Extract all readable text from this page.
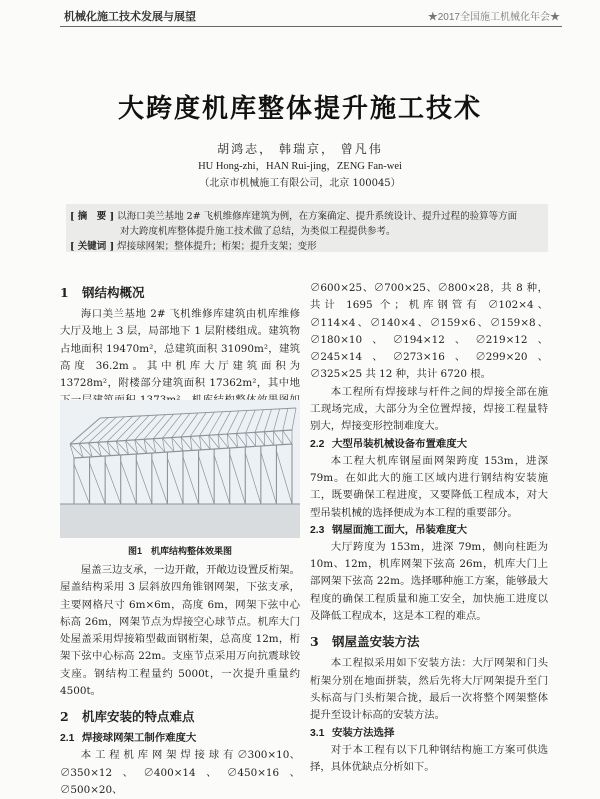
机械化施工技术发展与展望	★2017全国施工机械化年会★
大跨度机库整体提升施工技术
胡鸿志， 韩瑞京， 曾凡伟
HU Hong-zhi，HAN Rui-jing，ZENG Fan-wei
（北京市机械施工有限公司，北京 100045）
[ 摘　要 ] 以海口美兰基地 2# 飞机维修库建筑为例，在方案确定、提升系统设计、提升过程的验算等方面
对大跨度机库整体提升施工技术做了总结，为类似工程提供参考。
[ 关键词 ] 焊接球网架；整体提升；桁架；提升支架；变形
1 钢结构概况

海口美兰基地 2# 飞机维修库建筑由机库维修大厅及地上 3 层，局部地下 1 层附楼组成。建筑物占地面积 19470m²，总建筑面积 31090m²，建筑高度 36.2m。其中机库大厅建筑面积为 13728m²，附楼部分建筑面积 17362m²，其中地

图1　机库结构整体效果图

屋盖三边支承，一边开敞，开敞边设置反桁架。屋盖结构采用 3 层斜放四角锥钢网架，下弦支承，主要网格尺寸 6m×6m，高度 6m，网架下弦中心标高 26m，网架节点为焊接空心球节点。机库大门处屋盖采用焊接箱型截面钢桁架，总高度 12m，桁架下弦中心标高 22m。支座节点采用万向抗震球铰支座。钢结构工程量约 5000t，一次提升重量约 4500t。

2 机库安装的特点难点
2.1 焊接球网架工制作难度大

本 工 程 机 库 网 架 焊 接 球 有 ∅300×10、∅350×12、∅400×14、∅450×16、∅500×20、

∅600×25、∅700×25、∅800×28，共 8 种，共计 1695 个；机库钢管有 ∅102×4、∅114×4、∅140×4、∅159×6、∅159×8、∅180×10、∅194×12、∅219×12、∅245×14、∅273×16、∅299×20、∅325×25 共 12 种，共计 6720 根。

本工程所有焊接球与杆件之间的焊接全部在施工现场完成，大部分为全位置焊接，焊接工程量特别大，焊接变形控制难度大。

2.2 大型吊装机械设备布置难度大

本工程大机库钢屋面网架跨度 153m，进深 79m。在如此大的施工区域内进行钢结构安装施工，既要确保工程进度，又要降低工程成本，对大型吊装机械的选择便成为本工程的重要部分。

2.3 钢屋面施工面大，吊装难度大

大厅跨度为 153m，进深 79m，侧向柱距为 10m、12m，机库网架下弦高 26m，机库大门上部网架下弦高 22m。选择哪种施工方案，能够最大程度的确保工程质量和施工安全，加快施工进度以及降低工程成本，这是本工程的难点。

3 钢屋盖安装方法

本工程拟采用如下安装方法：大厅网架和门头桁架分别在地面拼装，然后先将大厅网架提升至门头标高与门头桁架合拢，最后一次将整个网架整体提升至设计标高的安装方法。

3.1 安装方法选择

对于本工程有以下几种钢结构施工方案可供选择，具体优缺点分析如下。
